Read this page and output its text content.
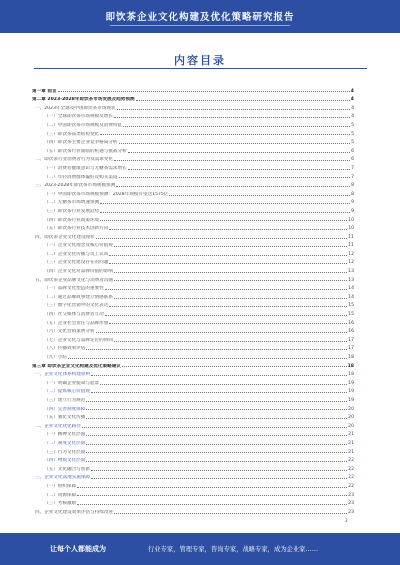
即饮茶企业文化构建及优化策略研究报告
内容目录
第一章 前言	4
第二章 2023-2028年即饮茶市场发展及趋势预测	4
一、2023年全球及中国即饮茶市场现状	4
（一）全球即饮茶市场规模及增长	4
（二）中国即饮茶市场规模及消费特征	5
（三）即饮茶品类结构变化	5
（四）即饮茶主要企业竞争格局分析	5
（五）即饮茶行业面临的机遇与挑战分析	6
二、即饮茶行业消费者行为及需求变化	6
（一）消费者健康意识与无糖茶需求增长	7
（二）年轻消费群体偏好及购买渠道	7
三、2023-2028年即饮茶市场规模预测	8
（一）中国即饮茶市场规模预测：2028年规模有望达1575亿	8
（二）无糖茶市场增速预测	9
（三）即饮茶行业发展趋势	9
（四）即饮茶行业政策环境	10
（五）即饮茶行业技术创新方向	10
四、即饮茶企业文化建设现状	11
（一）企业文化理念及核心价值观	11
（二）企业文化传播与员工认同	12
（三）企业文化建设存在的问题	12
（四）企业文化对品牌价值的影响	13
五、即饮茶企业品牌文化与消费者沟通	13
（一）品牌文化塑造的重要性	14
（二）通过品牌故事建立情感联系	14
（三）数字化营销中的文化表达	15
（四）社交媒体与消费者互动	15
（五）企业社会责任与品牌形象	16
（六）文化营销案例分析	16
（七）企业文化与品牌定位的协同	17
（八）传播效果评估	17
（九）小结	18
第三章 即饮茶企业文化构建及优化策略建议	18
一、企业文化体系构建原则	18
（一）明确企业使命与愿景	19
（二）提炼核心价值观	19
（三）建立行为规范	19
（四）完善制度保障	20
（五）强化文化传播	20
二、企业文化优化路径	20
（一）精神文化层面	21
（二）制度文化层面	21
（三）行为文化层面	21
（四）物质文化层面	22
（五）文化融合与创新	22
三、企业文化落地实施保障	22
（一）组织保障	22
（二）资源保障	23
（三）考核激励	23
四、企业文化建设效果评估与持续改进	23
3
让每个人都能成为	行业专家，管理专家，咨询专家，战略专家，成为企业家……
